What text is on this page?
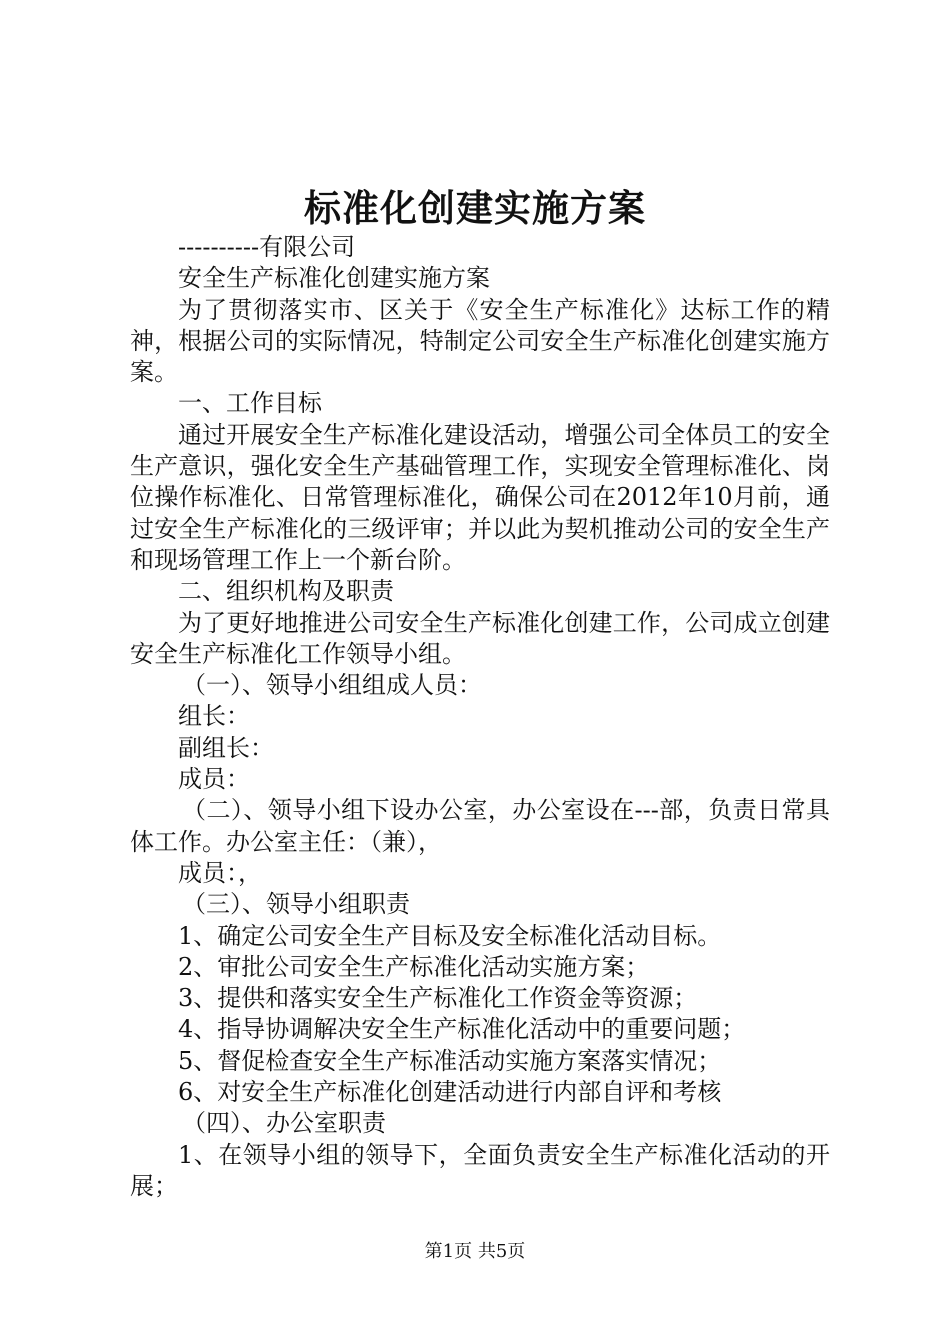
标准化创建实施方案

----------有限公司

安全生产标准化创建实施方案

为了贯彻落实市、区关于《安全生产标准化》达标工作的精神，根据公司的实际情况，特制定公司安全生产标准化创建实施方案。

一、工作目标

通过开展安全生产标准化建设活动，增强公司全体员工的安全生产意识，强化安全生产基础管理工作，实现安全管理标准化、岗位操作标准化、日常管理标准化，确保公司在2012年10月前，通过安全生产标准化的三级评审；并以此为契机推动公司的安全生产和现场管理工作上一个新台阶。

二、组织机构及职责

为了更好地推进公司安全生产标准化创建工作，公司成立创建安全生产标准化工作领导小组。

（一）、领导小组组成人员：

组长：

副组长：

成员：

（二）、领导小组下设办公室，办公室设在---部，负责日常具体工作。办公室主任：（兼），

成员：，

（三）、领导小组职责

1、确定公司安全生产目标及安全标准化活动目标。

2、审批公司安全生产标准化活动实施方案；

3、提供和落实安全生产标准化工作资金等资源；

4、指导协调解决安全生产标准化活动中的重要问题；

5、督促检查安全生产标准活动实施方案落实情况；

6、对安全生产标准化创建活动进行内部自评和考核

（四）、办公室职责

1、在领导小组的领导下，全面负责安全生产标准化活动的开展；

第1页 共5页
